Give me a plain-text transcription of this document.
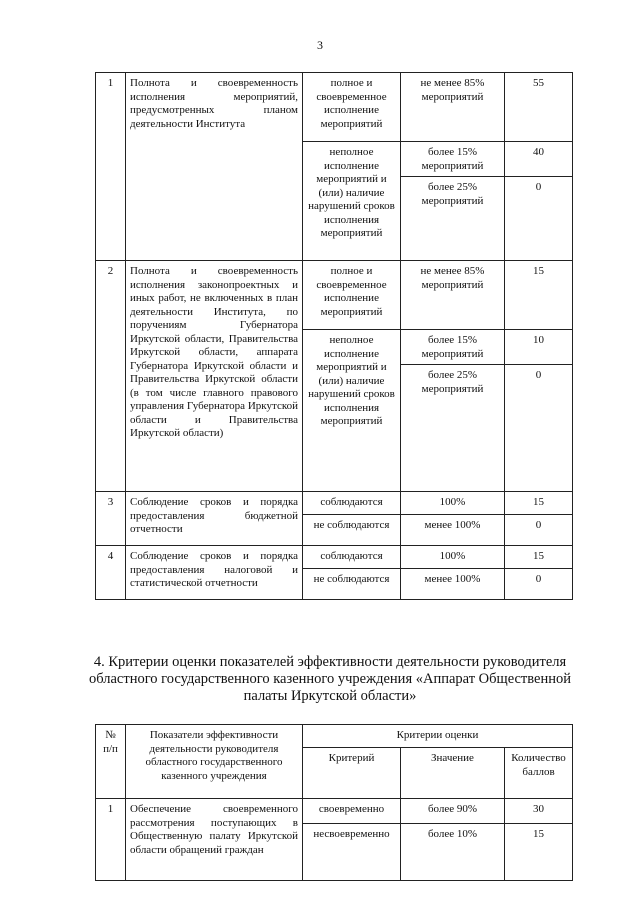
3
1	Полнота и своевременность исполнения мероприятий, предусмотренных планом деятельности Института	полное и своевременное исполнение мероприятий	не менее 85% мероприятий	55
		неполное исполнение мероприятий и (или) наличие нарушений сроков исполнения мероприятий	более 15% мероприятий	40
			более 25% мероприятий	0
2	Полнота и своевременность исполнения законопроектных и иных работ, не включенных в план деятельности Института, по поручениям Губернатора Иркутской области, Правительства Иркутской области, аппарата Губернатора Иркутской области и Правительства Иркутской области (в том числе главного правового управления Губернатора Иркутской области и Правительства Иркутской области)	полное и своевременное исполнение мероприятий	не менее 85% мероприятий	15
		неполное исполнение мероприятий и (или) наличие нарушений сроков исполнения мероприятий	более 15% мероприятий	10
			более 25% мероприятий	0
3	Соблюдение сроков и порядка предоставления бюджетной отчетности	соблюдаются	100%	15
		не соблюдаются	менее 100%	0
4	Соблюдение сроков и порядка предоставления налоговой и статистической отчетности	соблюдаются	100%	15
		не соблюдаются	менее 100%	0
4. Критерии оценки показателей эффективности деятельности руководителя областного государственного казенного учреждения «Аппарат Общественной палаты Иркутской области»
№ п/п	Показатели эффективности деятельности руководителя областного государственного казенного учреждения	Критерии оценки		
		Критерий	Значение	Количество баллов
1	Обеспечение своевременного рассмотрения поступающих в Общественную палату Иркутской области обращений граждан	своевременно	более 90%	30
		несвоевременно	более 10%	15
